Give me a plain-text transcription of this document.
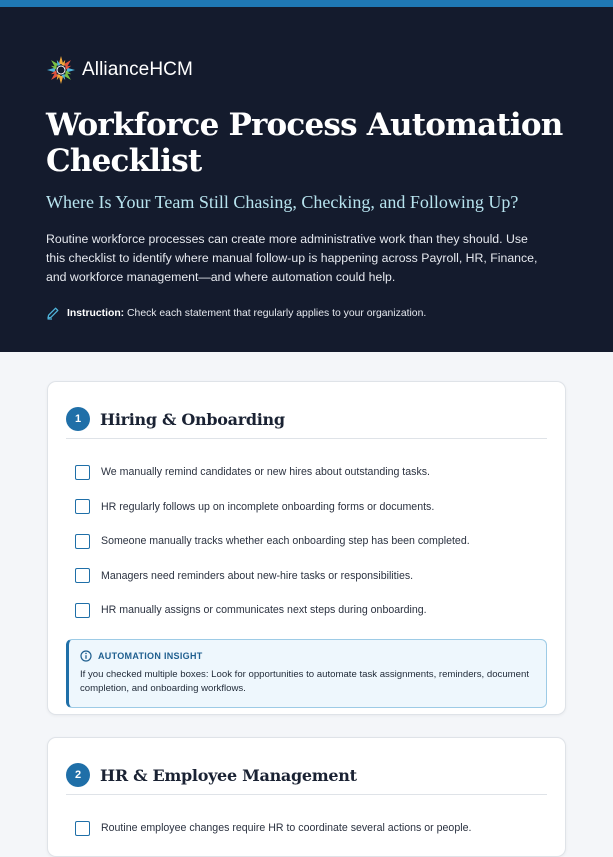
AllianceHCM
Workforce Process Automation
Checklist
Where Is Your Team Still Chasing, Checking, and Following Up?

Routine workforce processes can create more administrative work than they should. Use this checklist to identify where manual follow-up is happening across Payroll, HR, Finance, and workforce management—and where automation could help.

Instruction: Check each statement that regularly applies to your organization.
1	Hiring & Onboarding
We manually remind candidates or new hires about outstanding tasks.
HR regularly follows up on incomplete onboarding forms or documents.
Someone manually tracks whether each onboarding step has been completed.
Managers need reminders about new-hire tasks or responsibilities.
HR manually assigns or communicates next steps during onboarding.
AUTOMATION INSIGHT

If you checked multiple boxes: Look for opportunities to automate task assignments, reminders, document completion, and onboarding workflows.

2	HR & Employee Management
Routine employee changes require HR to coordinate several actions or people.
